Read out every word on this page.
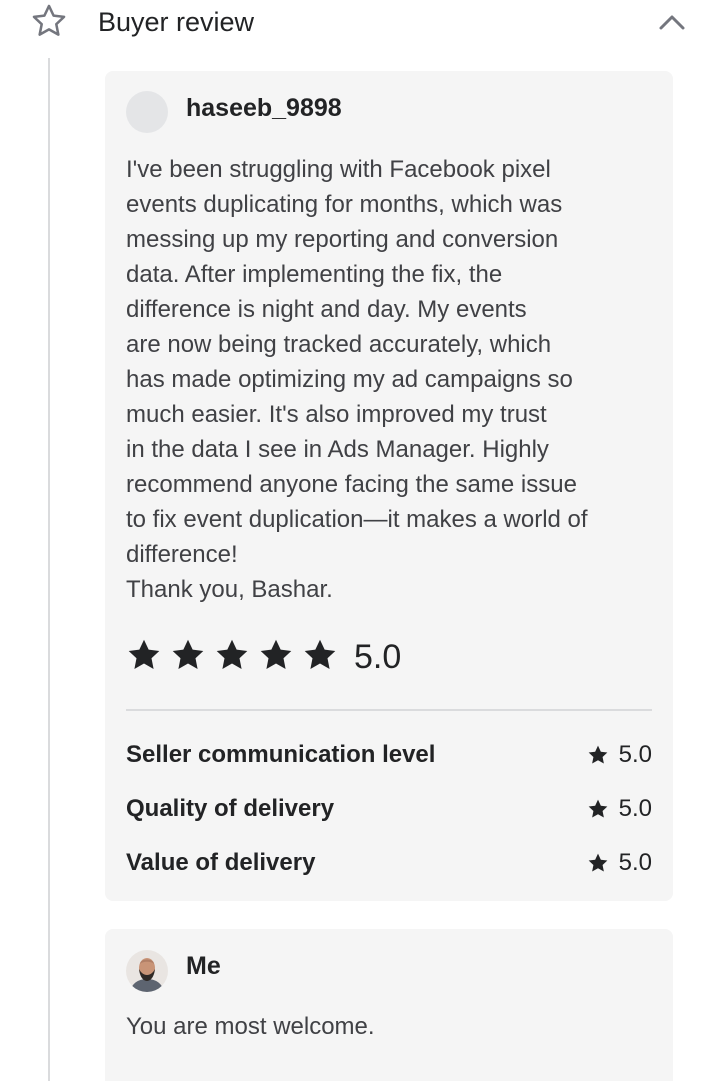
Buyer review
haseeb_9898

I've been struggling with Facebook pixel
events duplicating for months, which was
messing up my reporting and conversion
data. After implementing the fix, the
difference is night and day. My events
are now being tracked accurately, which
has made optimizing my ad campaigns so
much easier. It's also improved my trust
in the data I see in Ads Manager. Highly
recommend anyone facing the same issue
to fix event duplication—it makes a world of
difference!
Thank you, Bashar.

5.0
Seller communication level	5.0
Quality of delivery	5.0
Value of delivery	5.0
Me
You are most welcome.
